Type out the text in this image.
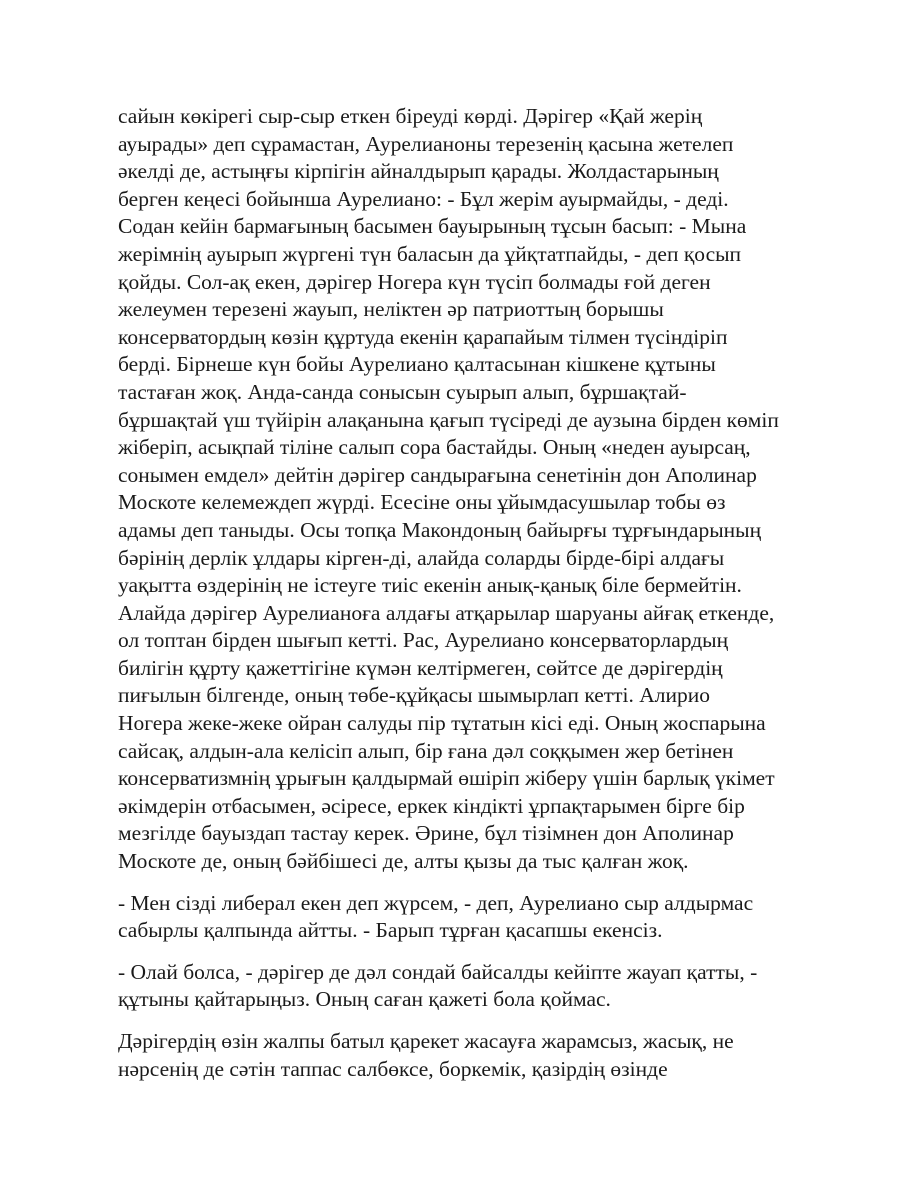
сайын көкірегі сыр-сыр еткен біреуді көрді. Дәрігер «Қай жерің
ауырады» деп сұрамастан, Аурелианоны терезенің қасына жетелеп
әкелді де, астыңғы кірпігін айналдырып қарады. Жолдастарының
берген кеңесі бойынша Аурелиано: - Бұл жерім ауырмайды, - деді.
Содан кейін бармағының басымен бауырының тұсын басып: - Мына
жерімнің ауырып жүргені түн баласын да ұйқтатпайды, - деп қосып
қойды. Сол-ақ екен, дәрігер Ногера күн түсіп болмады ғой деген
желеумен терезені жауып, неліктен әр патриоттың борышы
консерватордың көзін құртуда екенін қарапайым тілмен түсіндіріп
берді. Бірнеше күн бойы Аурелиано қалтасынан кішкене құтыны
тастаған жоқ. Анда-санда сонысын суырып алып, бұршақтай-
бұршақтай үш түйірін алақанына қағып түсіреді де аузына бірден көміп
жіберіп, асықпай тіліне салып сора бастайды. Оның «неден ауырсаң,
сонымен емдел» дейтін дәрігер сандырағына сенетінін дон Аполинар
Москоте келемеждеп жүрді. Есесіне оны ұйымдасушылар тобы өз
адамы деп таныды. Осы топқа Макондоның байырғы тұрғындарының
бәрінің дерлік ұлдары кірген-ді, алайда соларды бірде-бірі алдағы
уақытта өздерінің не істеуге тиіс екенін анық-қанық біле бермейтін.
Алайда дәрігер Аурелианоға алдағы атқарылар шаруаны айғақ еткенде,
ол топтан бірден шығып кетті. Рас, Аурелиано консерваторлардың
билігін құрту қажеттігіне күмән келтірмеген, сөйтсе де дәрігердің
пиғылын білгенде, оның төбе-құйқасы шымырлап кетті. Алирио
Ногера жеке-жеке ойран салуды пір тұтатын кісі еді. Оның жоспарына
сайсақ, алдын-ала келісіп алып, бір ғана дәл соққымен жер бетінен
консерватизмнің ұрығын қалдырмай өшіріп жіберу үшін барлық үкімет
әкімдерін отбасымен, әсіресе, еркек кіндікті ұрпақтарымен бірге бір
мезгілде бауыздап тастау керек. Әрине, бұл тізімнен дон Аполинар
Москоте де, оның бәйбішесі де, алты қызы да тыс қалған жоқ.

- Мен сізді либерал екен деп жүрсем, - деп, Аурелиано сыр алдырмас
сабырлы қалпында айтты. - Барып тұрған қасапшы екенсіз.

- Олай болса, - дәрігер де дәл сондай байсалды кейіпте жауап қатты, -
құтыны қайтарыңыз. Оның саған қажеті бола қоймас.

Дәрігердің өзін жалпы батыл қарекет жасауға жарамсыз, жасық, не
нәрсенің де сәтін таппас салбөксе, боркемік, қазірдің өзінде
